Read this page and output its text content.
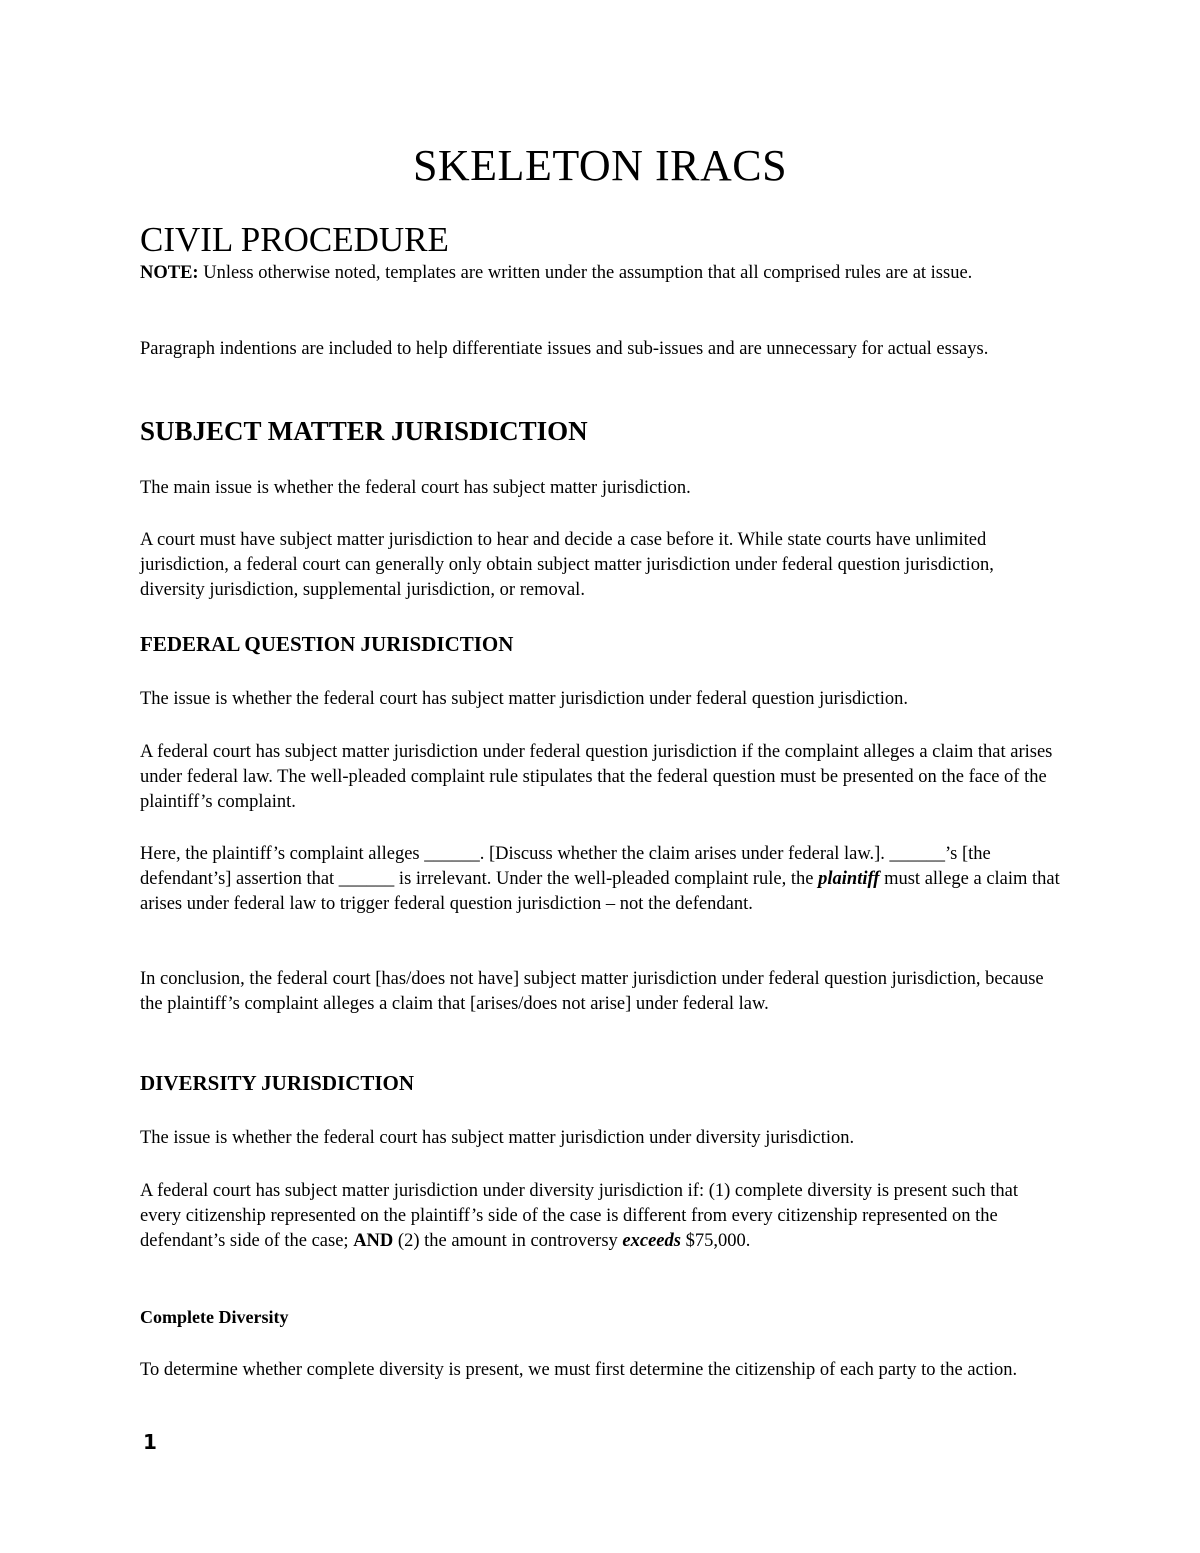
SKELETON IRACS
CIVIL PROCEDURE

NOTE: Unless otherwise noted, templates are written under the assumption that all comprised rules are at issue.

Paragraph indentions are included to help differentiate issues and sub-issues and are unnecessary for actual essays.

SUBJECT MATTER JURISDICTION

The main issue is whether the federal court has subject matter jurisdiction.

A court must have subject matter jurisdiction to hear and decide a case before it. While state courts have unlimited jurisdiction, a federal court can generally only obtain subject matter jurisdiction under federal question jurisdiction, diversity jurisdiction, supplemental jurisdiction, or removal.

FEDERAL QUESTION JURISDICTION

The issue is whether the federal court has subject matter jurisdiction under federal question jurisdiction.

A federal court has subject matter jurisdiction under federal question jurisdiction if the complaint alleges a claim that arises under federal law. The well-pleaded complaint rule stipulates that the federal question must be presented on the face of the plaintiff’s complaint.

Here, the plaintiff’s complaint alleges ______. [Discuss whether the claim arises under federal law.]. ______’s [the defendant’s] assertion that ______ is irrelevant. Under the well-pleaded complaint rule, the plaintiff must allege a claim that arises under federal law to trigger federal question jurisdiction – not the defendant.

In conclusion, the federal court [has/does not have] subject matter jurisdiction under federal question jurisdiction, because the plaintiff’s complaint alleges a claim that [arises/does not arise] under federal law.

DIVERSITY JURISDICTION

The issue is whether the federal court has subject matter jurisdiction under diversity jurisdiction.

A federal court has subject matter jurisdiction under diversity jurisdiction if: (1) complete diversity is present such that every citizenship represented on the plaintiff’s side of the case is different from every citizenship represented on the defendant’s side of the case; AND (2) the amount in controversy exceeds $75,000.

Complete Diversity

To determine whether complete diversity is present, we must first determine the citizenship of each party to the action.

1
